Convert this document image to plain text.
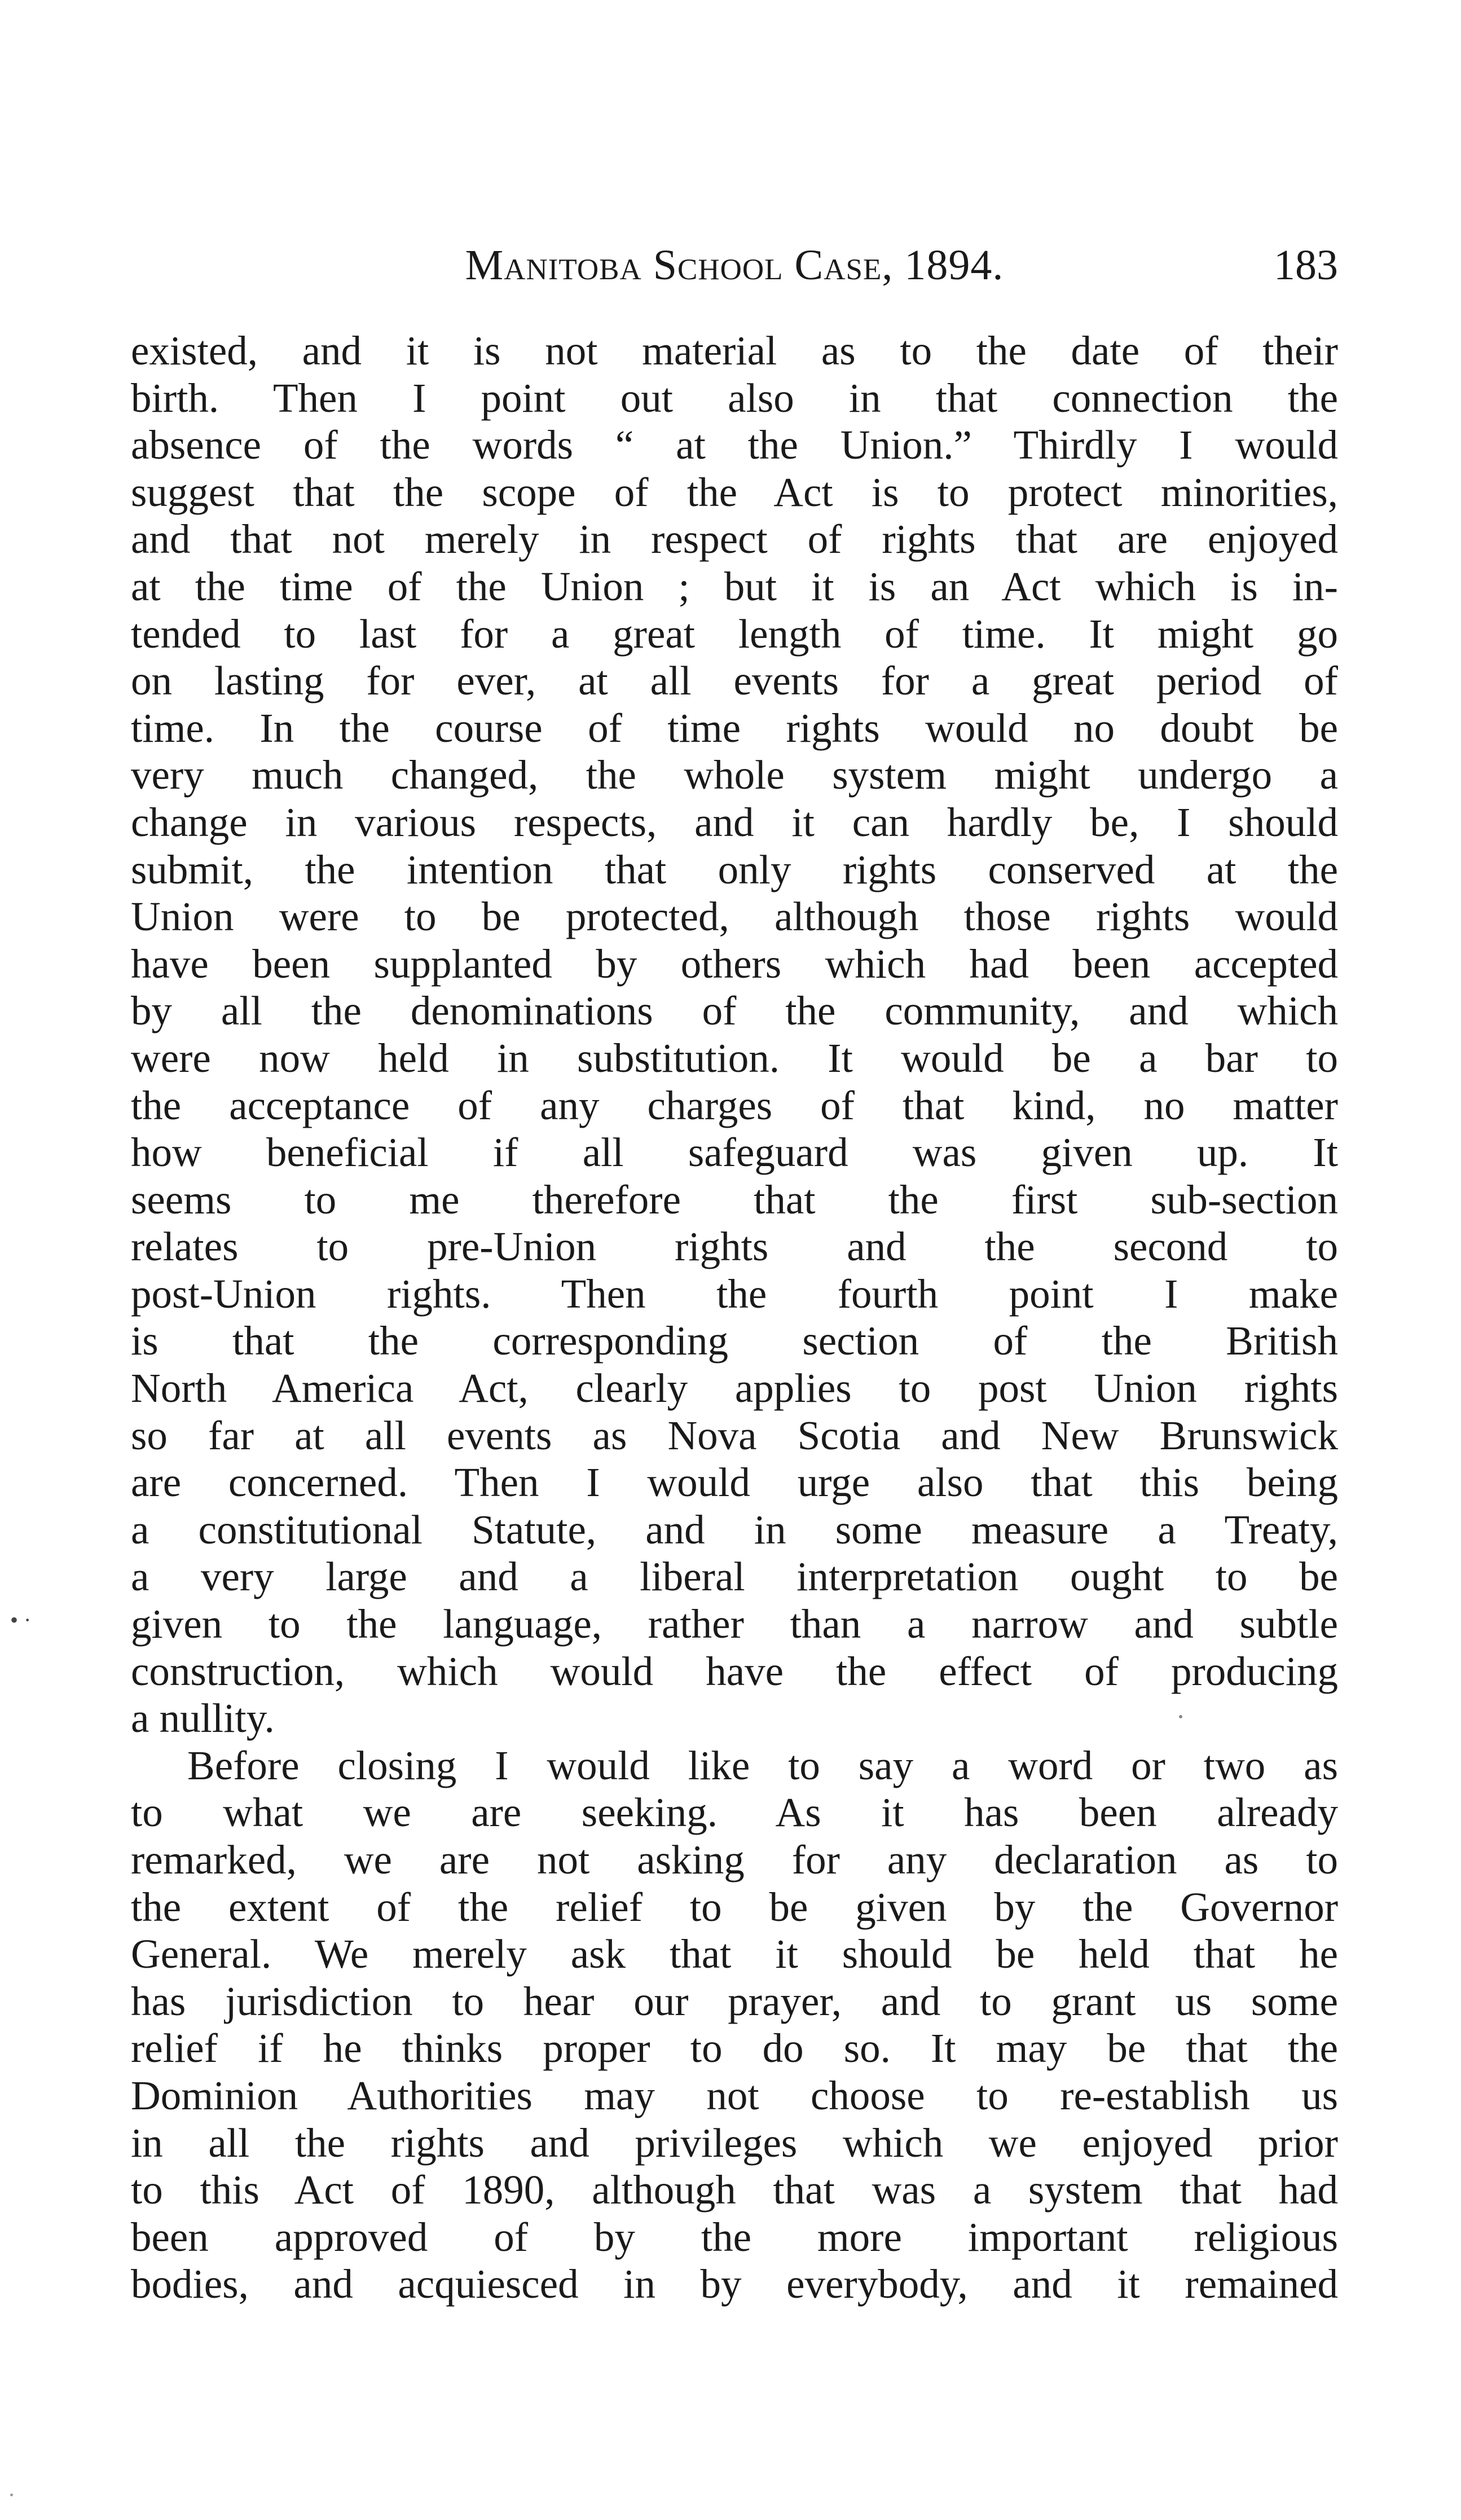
Manitoba School Case, 1894.	183
• ·
existed, and it is not material as to the date of their
birth. Then I point out also in that connection the
absence of the words “ at the Union.” Thirdly I would
suggest that the scope of the Act is to protect minorities,
and that not merely in respect of rights that are enjoyed
at the time of the Union ; but it is an Act which is in-
tended to last for a great length of time. It might go
on lasting for ever, at all events for a great period of
time. In the course of time rights would no doubt be
very much changed, the whole system might undergo a
change in various respects, and it can hardly be, I should
submit, the intention that only rights conserved at the
Union were to be protected, although those rights would
have been supplanted by others which had been accepted
by all the denominations of the community, and which
were now held in substitution. It would be a bar to
the acceptance of any charges of that kind, no matter
how beneficial if all safeguard was given up. It
seems to me therefore that the first sub-section
relates to pre-Union rights and the second to
post-Union rights. Then the fourth point I make
is that the corresponding section of the British
North America Act, clearly applies to post Union rights
so far at all events as Nova Scotia and New Brunswick
are concerned. Then I would urge also that this being
a constitutional Statute, and in some measure a Treaty,
a very large and a liberal interpretation ought to be
given to the language, rather than a narrow and subtle
construction, which would have the effect of producing
a nullity.
Before closing I would like to say a word or two as
to what we are seeking. As it has been already
remarked, we are not asking for any declaration as to
the extent of the relief to be given by the Governor
General. We merely ask that it should be held that he
has jurisdiction to hear our prayer, and to grant us some
relief if he thinks proper to do so. It may be that the
Dominion Authorities may not choose to re-establish us
in all the rights and privileges which we enjoyed prior
to this Act of 1890, although that was a system that had
been approved of by the more important religious
bodies, and acquiesced in by everybody, and it remained
